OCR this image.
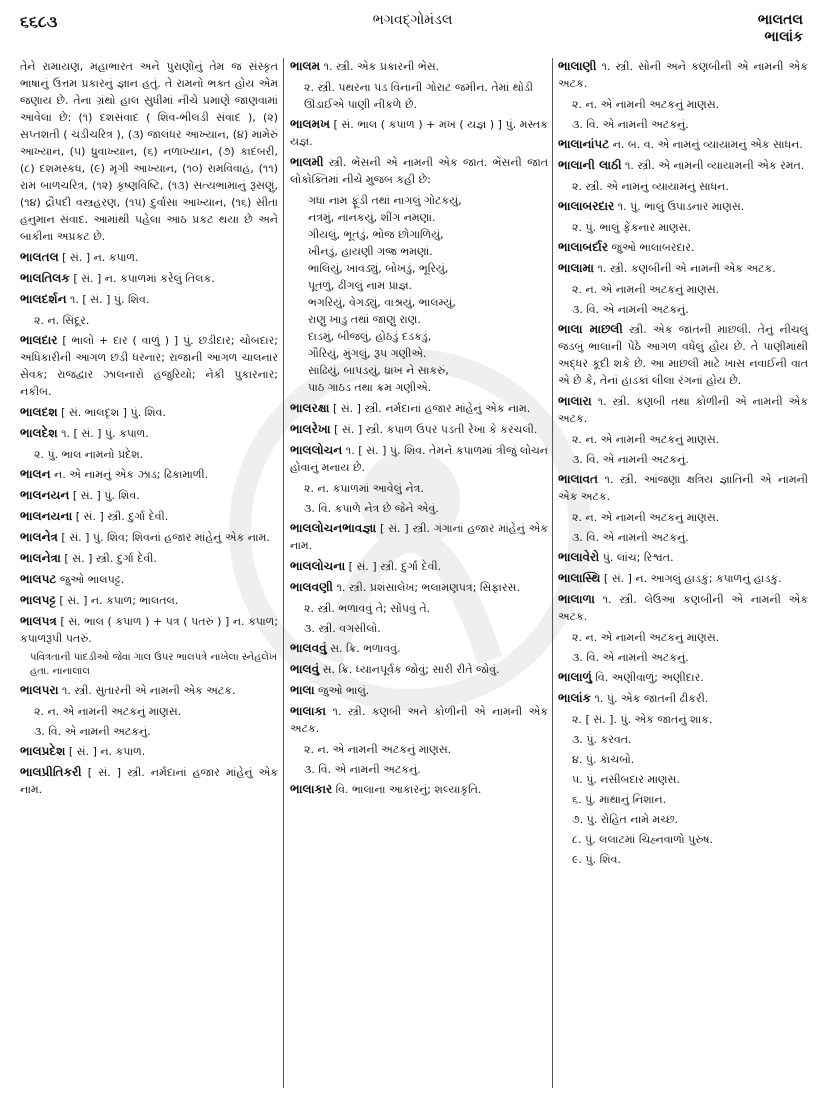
૬૬૮૩	ભગવદ્ગોમંડલ	ભાલતલ
ભાલાંક
તેને રામાયણ, મહાભારત અને પુરાણોનું તેમ જ સંસ્કૃત ભાષાનું ઉત્તમ પ્રકારનું જ્ઞાન હતું. તે રામનો ભક્ત હોય એમ જણાય છે. તેના ગ્રંથો હાલ સુધીમાં નીચે પ્રમાણે જાણવામાં આવેલા છે: (૧) દશસંવાદ ( શિવ-ભીલડી સંવાદ ), (૨) સપ્તશતી ( ચંડીચરિત્ર ), (૩) જાલંધર આખ્યાન, (૪) મામેરું આખ્યાન, (૫) ધ્રુવાખ્યાન, (૬) નળાખ્યાન, (૭) કાદંબરી, (૮) દશમસ્કંધ, (૯) મૃગી આખ્યાન, (૧૦) રામવિવાહ, (૧૧) રામ બાળચરિત્ર, (૧૨) કૃષ્ણવિષ્ટિ, (૧૩) સત્યભામાનું રૂસણું, (૧૪) દ્રૌપદી વસ્ત્રહરણ, (૧૫) દુર્વાસા આખ્યાન, (૧૬) સીતા હનુમાન સંવાદ. આમાંથી પહેલા આઠ પ્રકટ થયા છે અને બાકીના અપ્રકટ છે.
ભાલતલ [ સં. ] ન. કપાળ.
ભાલતિલક [ સં. ] ન. કપાળમાં કરેલું તિલક.
ભાલદર્શન ૧. [ સં. ] પું. શિવ.
૨. ન. સિંદૂર.
ભાલદાર [ ભાલો + દાર ( વાળું ) ] પું. છડીદાર; ચોબદાર; અધિકારીની આગળ છડી ધરનાર; રાજાની આગળ ચાલનાર સેવક; રાજદ્વાર ઝાલનારો હજુરિયો; નેકી પુકારનાર; નકીબ.
ભાલદશ [ સં. ભાલદૃશ ] પું. શિવ.
ભાલદેશ ૧. [ સં. ] પું. કપાળ.
૨. પું. ભાલ નામનો પ્રદેશ.
ભાલન ન. એ નામનું એક ઝાડ; ઢિકામાળી.
ભાલનયન [ સં. ] પું. શિવ.
ભાલનયના [ સં. ] સ્ત્રી. દુર્ગા દેવી.
ભાલનેત્ર [ સં. ] પું. શિવ; શિવનાં હજાર માંહેનું એક નામ.
ભાલનેત્રા [ સં. ] સ્ત્રી. દુર્ગા દેવી.
ભાલપટ જુઓ ભાલપટ્ટ.
ભાલપટ્ટ [ સં. ] ન. કપાળ; ભાલતલ.
ભાલપત્ર [ સં. ભાલ ( કપાળ ) + પત્ર ( પતરું ) ] ન. કપાળ; કપાળરૂપી પતરું.
પવિત્રતાની પાંદડીઓ જેવા ગાલ ઉપર ભાલપત્રે નાખેલા સ્નેહલેખ હતા. નાનાલાલ
ભાલપરા ૧. સ્ત્રી. સુતારની એ નામની એક અટક.
૨. ન. એ નામની અટકનું માણસ.
૩. વિ. એ નામની અટકનું.
ભાલપ્રદેશ [ સં. ] ન. કપાળ.
ભાલપ્રીતિકરી [ સં. ] સ્ત્રી. નર્મદાનાં હજાર માંહેનું એક નામ.
ભાલમ ૧. સ્ત્રી. એક પ્રકારની ભેંસ.
૨. સ્ત્રી. પથરના પડ વિનાની ગોરાટ જમીન. તેમાં થોડી ઊંડાઈએ પાણી નીકળે છે.
ભાલમખ [ સં. ભાલ ( કપાળ ) + મખ ( યજ્ઞ ) ] પું. મસ્તક યજ્ઞ.
ભાલમી સ્ત્રી. ભેંસની એ નામની એક જાત. ભેંસની જાત લોકોક્તિમાં નીચે મુજબ કહી છે:
ગધાં નામ ફૂંડી તથાં નાગલું ગોટકયું,
નત્રમું, નાનકયું, શીંગ નમણાં.
ગીયલું, ભૂતડું, ભોજ છોગાળિયું,
ખીનડું, હાયણી ગજ્ર ભમણાં.
ભાલિયું, ખાવડ્યું, બોખડું, ભૂરિયું,
પૂતળું, ઢીંગલું નામ પ્રાજ્ઞ.
ભગરિયું, વેગડ્યું, વાશ્રયું, ભાલમ્યું,
રાણુ ખાડુ તથાં જાણુ રાણ.
દાડમું, બીજલું, હોઠડું દડકડું,
ગૌરિયું, મુંગલું, રૂપ ગણીએ.
સાંઢિયું, બાપડયું, ધ્રાખ ને સાકરું,
પાઠ ગાઠડ તથા ક્રમ ગણીએ.
ભાલરક્ષા [ સં. ] સ્ત્રી. નર્મદાનાં હજાર માંહેનું એક નામ.
ભાલરેખા [ સં. ] સ્ત્રી. કપાળ ઉપર પડતી રેખા કે કરચલી.
ભાલલોચન ૧. [ સં. ] પું. શિવ. તેમને કપાળમાં ત્રીજું લોચન હોવાનું મનાય છે.
૨. ન. કપાળમાં આવેલું નેત્ર.
૩. વિ. કપાળે નેત્ર છે જેને એવું.
ભાલલોચનભાવજ્ઞા [ સં. ] સ્ત્રી. ગંગાનાં હજાર માંહેનું એક નામ.
ભાલલોચના [ સં. ] સ્ત્રી. દુર્ગા દેવી.
ભાલવણી ૧. સ્ત્રી. પ્રશંસાલેખ; ભલામણપત્ર; સિફારસ.
૨. સ્ત્રી. ભળાવવું તે; સોંપવું તે.
૩. સ્ત્રી. વગસીલો.
ભાલવવું સ. ક્રિ. ભળાવવું.
ભાલવું સ. ક્રિ. ધ્યાનપૂર્વક જોવું; સારી રીતે જોવું.
ભાલા જુઓ ભાલું.
ભાલાકા ૧. સ્ત્રી. કણબી અને કોળીની એ નામની એક અટક.
૨. ન. એ નામની અટકનું માણસ.
૩. વિ. એ નામની અટકનું.
ભાલાકાર વિ. ભાલાના આકારનું; શલ્યાકૃતિ.
ભાલાણી ૧. સ્ત્રી. સોની અને કણબીની એ નામની એક અટક.
૨. ન. એ નામની અટકનું માણસ.
૩. વિ. એ નામની અટકનું.
ભાલાનાંપટ ન. બ. વ. એ નામનું વ્યાયામનું એક સાધન.
ભાલાની લાઠી ૧. સ્ત્રી. એ નામની વ્યાયામની એક રમત.
૨. સ્ત્રી. એ નામનું વ્યાયામનું સાધન.
ભાલાબરદાર ૧. પું. ભાલું ઉપાડનાર માણસ.
૨. પું. ભાલું ફેંકનાર માણસ.
ભાલાબર્દાર જુઓ ભાલાબરદાર.
ભાલામા ૧. સ્ત્રી. કણબીની એ નામની એક અટક.
૨. ન. એ નામની અટકનું માણસ.
૩. વિ. એ નામની અટકનું.
ભાલા માછલી સ્ત્રી. એક જાતની માછલી. તેનું નીચલું જડબું ભાલાની પેઠે આગળ વધેલું હોય છે. તે પાણીમાંથી અદ્ધર કૂદી શકે છે. આ માછલી માટે ખાસ નવાઈની વાત એ છે કે, તેનાં હાડકાં લીલા રંગનાં હોય છે.
ભાલારા ૧. સ્ત્રી. કણબી તથા કોળીની એ નામની એક અટક.
૨. ન. એ નામની અટકનું માણસ.
૩. વિ. એ નામની અટકનું.
ભાલાવત ૧. સ્ત્રી. આંજણા ક્ષત્રિય જ્ઞાતિની એ નામની એક અટક.
૨. ન. એ નામની અટકનું માણસ.
૩. વિ. એ નામની અટકનું.
ભાલાવેરો પું. લાંચ; રિશ્વત.
ભાલાસ્થિ [ સં. ] ન. આગલું હાડકું; કપાળનું હાડકું.
ભાલાળા ૧. સ્ત્રી. લેઉઆ કણબીની એ નામની એક અટક.
૨. ન. એ નામની અટકનું માણસ.
૩. વિ. એ નામની અટકનું.
ભાલાળું વિ. અણીવાળું; અણીદાર.
ભાલાંક ૧. પું. એક જાતની ઢીકરી.
૨. [ સં. ]. પું. એક જાતનું શાક.
૩. પું. કરવત.
૪. પું. કાચબો.
૫. પું. નસીબદાર માણસ.
૬. પું. માથાનું નિશાન.
૭. પું. રોહિત નામે મચ્છ.
૮. પું. લલાટમાં ચિહ્નવાળો પુરુષ.
૯. પું. શિવ.
